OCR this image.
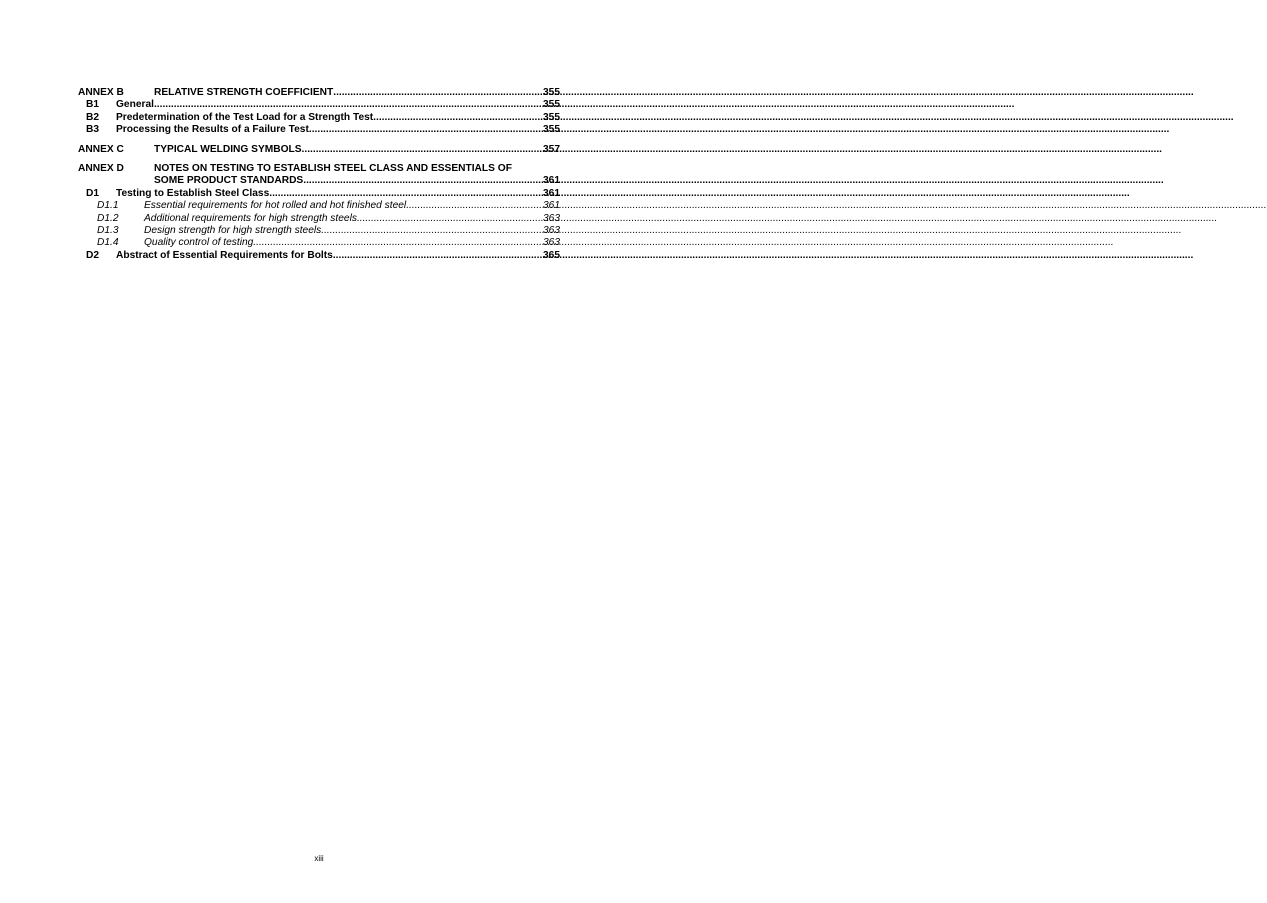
ANNEX B	RELATIVE STRENGTH COEFFICIENT .....	355
B1	General .....	355
B2	Predetermination of the Test Load for a Strength Test .....	355
B3	Processing the Results of a Failure Test .....	355
ANNEX C	TYPICAL WELDING SYMBOLS .....	357
ANNEX D	NOTES ON TESTING TO ESTABLISH STEEL CLASS AND ESSENTIALS OF
SOME PRODUCT STANDARDS .....	361
D1	Testing to Establish Steel Class .....	361
D1.1	Essential requirements for hot rolled and hot finished steel .....	361
D1.2	Additional requirements for high strength steels .....	363
D1.3	Design strength for high strength steels .....	363
D1.4	Quality control of testing .....	363
D2	Abstract of Essential Requirements for Bolts .....	365
xiii
